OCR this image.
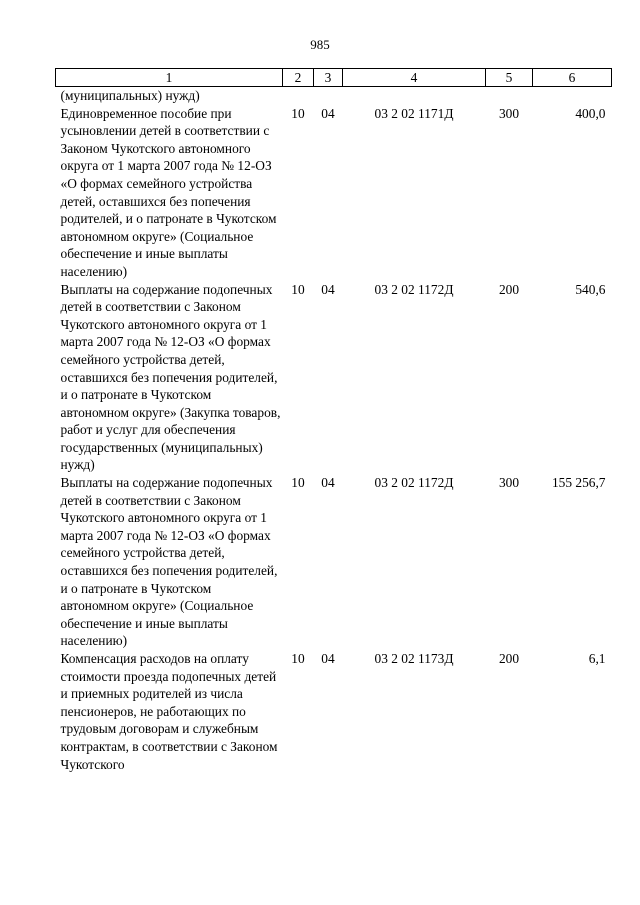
985
1	2	3	4	5	6
(муниципальных) нужд)					
Единовременное пособие при усыновлении детей в соответствии с Законом Чукотского автономного округа от 1 марта 2007 года № 12-ОЗ «О формах семейного устройства детей, оставшихся без попечения родителей, и о патронате в Чукотском автономном округе» (Социальное обеспечение и иные выплаты населению)	10	04	03 2 02 1171Д	300	400,0
Выплаты на содержание подопечных детей в соответствии с Законом Чукотского автономного округа от 1 марта 2007 года № 12-ОЗ «О формах семейного устройства детей, оставшихся без попечения родителей, и о патронате в Чукотском автономном округе» (Закупка товаров, работ и услуг для обеспечения государственных (муниципальных) нужд)	10	04	03 2 02 1172Д	200	540,6
Выплаты на содержание подопечных детей в соответствии с Законом Чукотского автономного округа от 1 марта 2007 года № 12-ОЗ «О формах семейного устройства детей, оставшихся без попечения родителей, и о патронате в Чукотском автономном округе» (Социальное обеспечение и иные выплаты населению)	10	04	03 2 02 1172Д	300	155 256,7
Компенсация расходов на оплату стоимости проезда подопечных детей и приемных родителей из числа пенсионеров, не работающих по трудовым договорам и служебным контрактам, в соответствии с Законом Чукотского	10	04	03 2 02 1173Д	200	6,1
